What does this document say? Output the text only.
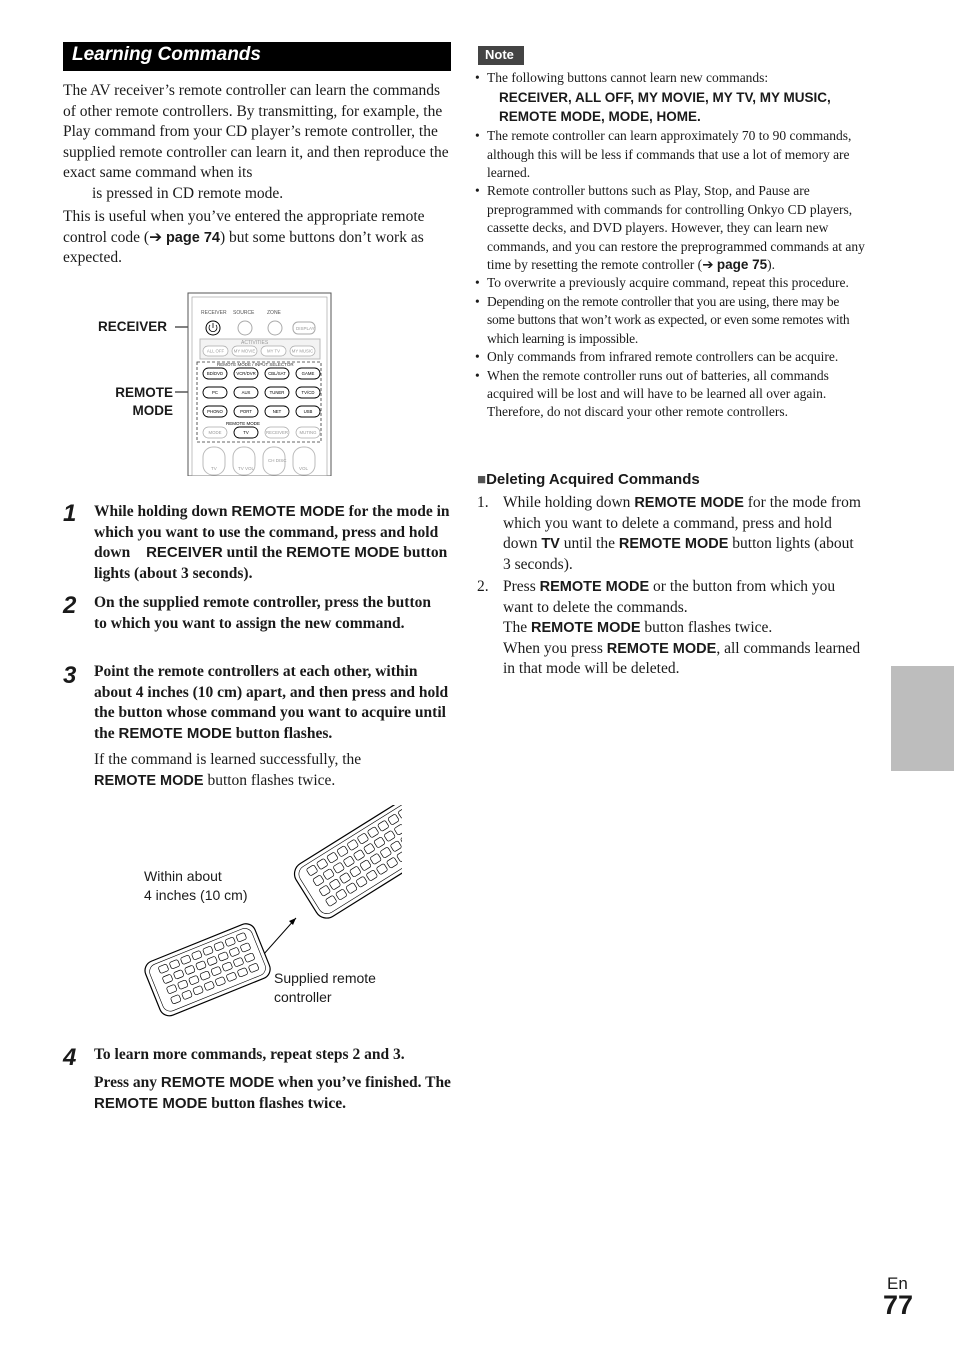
Learning Commands
The AV receiver’s remote controller can learn the commands of other remote controllers. By transmitting, for example, the Play command from your CD player’s remote controller, the supplied remote controller can learn it, and then reproduce the exact same command when its
is pressed in CD remote mode.
This is useful when you’ve entered the appropriate remote control code (➔ page 74) but some buttons don’t work as expected.
RECEIVER
REMOTE
MODE
RECEIVER SOURCE	ZONE
DISPLAY
ACTIVITIES
ALL OFF MY MOVIE	MY TV	MY MUSIC
REMOTE MODE / INPUT SELECTOR
BD/DVD	VCR/DVR	CBL/SAT	GAME
PC	AUX	TUNER	TV/CD
PHONO	PORT	NET	USB
REMOTE MODE
MODE	TV	RECEIVER	MUTING
TV	TV VOL
CH DISC
VOL
1 While holding down REMOTE MODE for the mode in which you want to use the command, press and hold down RECEIVER until the REMOTE MODE button lights (about 3 seconds).
2 On the supplied remote controller, press the button to which you want to assign the new command.
3 Point the remote controllers at each other, within about 4 inches (10 cm) apart, and then press and hold the button whose command you want to acquire until the REMOTE MODE button flashes.
If the command is learned successfully, the
REMOTE MODE button flashes twice.
Within about
4 inches (10 cm)
Supplied remote
controller
4 To learn more commands, repeat steps 2 and 3.
Press any REMOTE MODE when you’ve finished. The REMOTE MODE button flashes twice.
Note
• The following buttons cannot learn new commands:
RECEIVER, ALL OFF, MY MOVIE, MY TV, MY MUSIC, REMOTE MODE, MODE, HOME.
• The remote controller can learn approximately 70 to 90 commands, although this will be less if commands that use a lot of memory are learned.
• Remote controller buttons such as Play, Stop, and Pause are preprogrammed with commands for controlling Onkyo CD players, cassette decks, and DVD players. However, they can learn new commands, and you can restore the preprogrammed commands at any time by resetting the remote controller (➔ page 75).
• To overwrite a previously acquire command, repeat this procedure.
• Depending on the remote controller that you are using, there may be some buttons that won’t work as expected, or even some remotes with which learning is impossible.
• Only commands from infrared remote controllers can be acquire.
• When the remote controller runs out of batteries, all commands acquired will be lost and will have to be learned all over again. Therefore, do not discard your other remote controllers.
■Deleting Acquired Commands
1. While holding down REMOTE MODE for the mode from which you want to delete a command, press and hold down TV until the REMOTE MODE button lights (about 3 seconds).
2. Press REMOTE MODE or the button from which you want to delete the commands.
The REMOTE MODE button flashes twice.
When you press REMOTE MODE, all commands learned in that mode will be deleted.
En
77
